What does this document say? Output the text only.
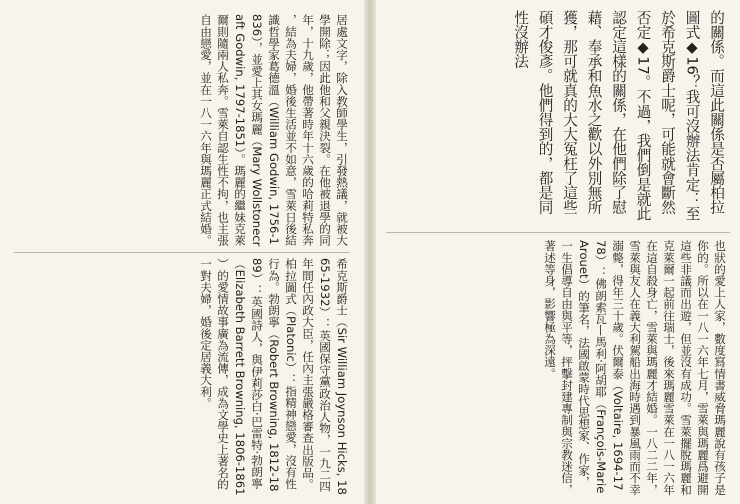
居處文字，除入教師學生，引發熱議，就被大學開除；因此他和父親決裂。在他被退學的同年，十九歲，他帶著時年十六歲的哈莉特私奔，結為夫婦，婚後生活並不如意，雪萊日後結識哲學家葛德溫（William Godwin, 1756-1836），並愛上其女瑪麗（Mary Wollstonecraft Godwin, 1797-1851）。瑪麗的繼妹克萊爾則隨兩人私奔。雪萊自認生性不拘，也主張自由戀愛，並在一八一六年與瑪麗正式結婚。
希克斯爵士（Sir William Joynson Hicks, 1865-1932）：英國保守黨政治人物，一九二四年間任內政大臣，任內主張嚴格審查出版品。柏拉圖式（Platonic）：指精神戀愛，沒有性行為。勃朗寧（Robert Browning, 1812-1889）：英國詩人，與伊莉莎白·巴雷特·勃朗寧（Elizabeth Barrett Browning, 1806-1861）的愛情故事廣為流傳，成為文學史上著名的一對夫婦，婚後定居義大利。
的關係。而這此關係是否屬柏拉圖式◆16？我可沒辦法肯定：至於希克斯爵士呢，可能就會斷然否定◆17。不過，我們倒是就此認定這樣的關係，在他們除了慰藉、奉承和魚水之歡以外別無所獲，那可就真的大大冤枉了這些碩才俊彥。他們得到的，都是同性沒辦法
也狀的愛上人家，數度寫情書威脅瑪麗說有孩子是你的。所以在一八一六年七月，雪萊與瑪麗爲避開這些非議而出遊，但並沒有成功。雪萊擺脫瑪麗和克萊爾一起前往瑞士，後來瑪麗雪萊在一八一六年在這自殺身亡，雪萊與瑪麗才結婚。一八二二年，雪萊與友人在義大利駕船出海時遇到暴風雨而不幸溺斃，得年三十歲。伏爾泰（Voltaire, 1694-1778）：佛朗索瓦—馬利·阿胡耶（François-Marie Arouet）的筆名，法國啟蒙時代思想家、作家，一生倡導自由與平等，抨擊封建專制與宗教迷信，著述等身，影響極為深遠。
